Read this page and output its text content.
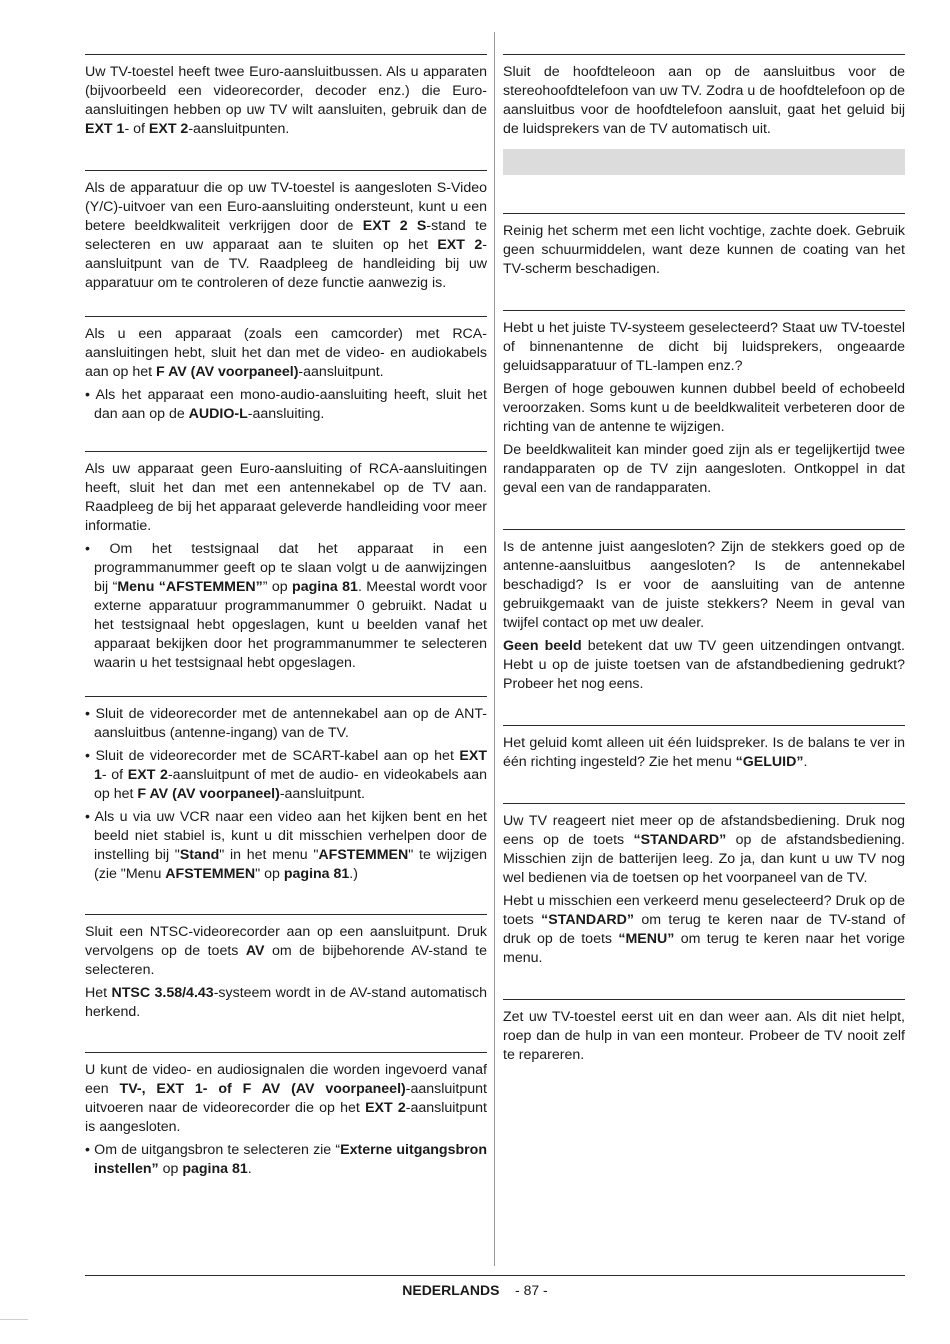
Uw TV-toestel heeft twee Euro-aansluitbussen. Als u apparaten (bijvoorbeeld een videorecorder, decoder enz.) die Euro-aansluitingen hebben op uw TV wilt aansluiten, gebruik dan de EXT 1- of EXT 2-aansluitpunten.

Als de apparatuur die op uw TV-toestel is aangesloten S-Video (Y/C)-uitvoer van een Euro-aansluiting ondersteunt, kunt u een betere beeldkwaliteit verkrijgen door de EXT 2 S-stand te selecteren en uw apparaat aan te sluiten op het EXT 2-aansluitpunt van de TV. Raadpleeg de handleiding bij uw apparatuur om te controleren of deze functie aanwezig is.

Als u een apparaat (zoals een camcorder) met RCA-aansluitingen hebt, sluit het dan met de video- en audiokabels aan op het F AV (AV voorpaneel)-aansluitpunt.

• Als het apparaat een mono-audio-aansluiting heeft, sluit het dan aan op de AUDIO-L-aansluiting.

Als uw apparaat geen Euro-aansluiting of RCA-aansluitingen heeft, sluit het dan met een antennekabel op de TV aan. Raadpleeg de bij het apparaat geleverde handleiding voor meer informatie.

• Om het testsignaal dat het apparaat in een programmanummer geeft op te slaan volgt u de aanwijzingen bij “Menu “AFSTEMMEN”” op pagina 81. Meestal wordt voor externe apparatuur programmanummer 0 gebruikt. Nadat u het testsignaal hebt opgeslagen, kunt u beelden vanaf het apparaat bekijken door het programmanummer te selecteren waarin u het testsignaal hebt opgeslagen.

• Sluit de videorecorder met de antennekabel aan op de ANT-aansluitbus (antenne-ingang) van de TV.

• Sluit de videorecorder met de SCART-kabel aan op het EXT 1- of EXT 2-aansluitpunt of met de audio- en videokabels aan op het F AV (AV voorpaneel)-aansluitpunt.

• Als u via uw VCR naar een video aan het kijken bent en het beeld niet stabiel is, kunt u dit misschien verhelpen door de instelling bij "Stand" in het menu "AFSTEMMEN" te wijzigen (zie "Menu AFSTEMMEN" op pagina 81.)

Sluit een NTSC-videorecorder aan op een aansluitpunt. Druk vervolgens op de toets AV om de bijbehorende AV-stand te selecteren.

Het NTSC 3.58/4.43-systeem wordt in de AV-stand automatisch herkend.

U kunt de video- en audiosignalen die worden ingevoerd vanaf een TV-, EXT 1- of F AV (AV voorpaneel)-aansluitpunt uitvoeren naar de videorecorder die op het EXT 2-aansluitpunt is aangesloten.

• Om de uitgangsbron te selecteren zie “Externe uitgangsbron instellen” op pagina 81.

Sluit de hoofdteleoon aan op de aansluitbus voor de stereohoofdtelefoon van uw TV. Zodra u de hoofdtelefoon op de aansluitbus voor de hoofdtelefoon aansluit, gaat het geluid bij de luidsprekers van de TV automatisch uit.

Reinig het scherm met een licht vochtige, zachte doek. Gebruik geen schuurmiddelen, want deze kunnen de coating van het TV-scherm beschadigen.

Hebt u het juiste TV-systeem geselecteerd? Staat uw TV-toestel of binnenantenne de dicht bij luidsprekers, ongeaarde geluidsapparatuur of TL-lampen enz.?

Bergen of hoge gebouwen kunnen dubbel beeld of echobeeld veroorzaken. Soms kunt u de beeldkwaliteit verbeteren door de richting van de antenne te wijzigen.

De beeldkwaliteit kan minder goed zijn als er tegelijkertijd twee randapparaten op de TV zijn aangesloten. Ontkoppel in dat geval een van de randapparaten.

Is de antenne juist aangesloten? Zijn de stekkers goed op de antenne-aansluitbus aangesloten? Is de antennekabel beschadigd? Is er voor de aansluiting van de antenne gebruikgemaakt van de juiste stekkers? Neem in geval van twijfel contact op met uw dealer.

Geen beeld betekent dat uw TV geen uitzendingen ontvangt. Hebt u op de juiste toetsen van de afstandbediening gedrukt? Probeer het nog eens.

Het geluid komt alleen uit één luidspreker. Is de balans te ver in één richting ingesteld? Zie het menu “GELUID”.

Uw TV reageert niet meer op de afstandsbediening. Druk nog eens op de toets “STANDARD” op de afstandsbediening. Misschien zijn de batterijen leeg. Zo ja, dan kunt u uw TV nog wel bedienen via de toetsen op het voorpaneel van de TV.

Hebt u misschien een verkeerd menu geselecteerd? Druk op de toets “STANDARD” om terug te keren naar de TV-stand of druk op de toets “MENU” om terug te keren naar het vorige menu.

Zet uw TV-toestel eerst uit en dan weer aan. Als dit niet helpt, roep dan de hulp in van een monteur. Probeer de TV nooit zelf te repareren.

NEDERLANDS - 87 -
